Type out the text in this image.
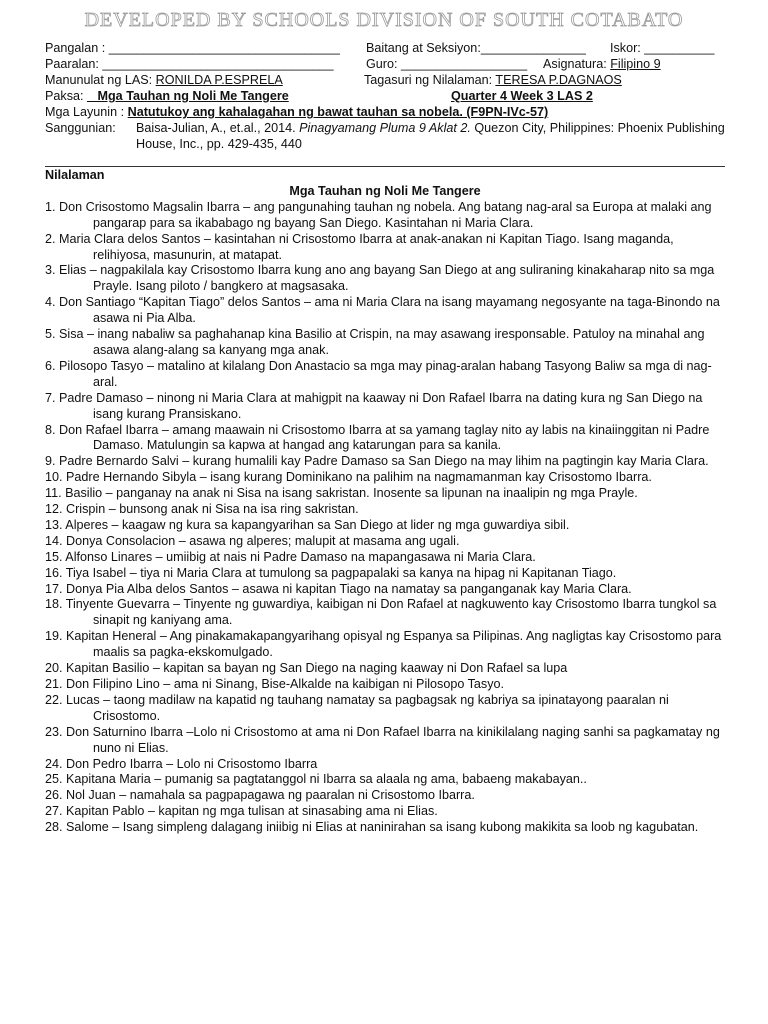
DEVELOPED BY SCHOOLS DIVISION OF SOUTH COTABATO
Pangalan : _________________________________ Baitang at Seksiyon:_______________ Iskor: __________
Paaralan: _________________________________	Guro: __________________ Asignatura: Filipino 9
Manunulat ng LAS: RONILDA P.ESPRELA	Tagasuri ng Nilalaman: TERESA P.DAGNAOS
Paksa: _ Mga Tauhan ng Noli Me Tangere	Quarter 4 Week 3 LAS 2
Mga Layunin : Natutukoy ang kahalagahan ng bawat tauhan sa nobela. (F9PN-IVc-57)
Sanggunian: Baisa-Julian, A., et.al., 2014. Pinagyamang Pluma 9 Aklat 2. Quezon City, Philippines: Phoenix Publishing House, Inc., pp. 429-435, 440
Nilalaman
Mga Tauhan ng Noli Me Tangere
1. Don Crisostomo Magsalin Ibarra – ang pangunahing tauhan ng nobela. Ang batang nag-aral sa Europa at malaki ang pangarap para sa ikababago ng bayang San Diego. Kasintahan ni Maria Clara.
2. Maria Clara delos Santos – kasintahan ni Crisostomo Ibarra at anak-anakan ni Kapitan Tiago. Isang maganda, relihiyosa, masunurin, at matapat.
3. Elias – nagpakilala kay Crisostomo Ibarra kung ano ang bayang San Diego at ang suliraning kinakaharap nito sa mga Prayle. Isang piloto / bangkero at magsasaka.
4. Don Santiago “Kapitan Tiago” delos Santos – ama ni Maria Clara na isang mayamang negosyante na taga-Binondo na asawa ni Pia Alba.
5. Sisa – inang nabaliw sa paghahanap kina Basilio at Crispin, na may asawang iresponsable. Patuloy na minahal ang asawa alang-alang sa kanyang mga anak.
6. Pilosopo Tasyo – matalino at kilalang Don Anastacio sa mga may pinag-aralan habang Tasyong Baliw sa mga di nag-aral.
7. Padre Damaso – ninong ni Maria Clara at mahigpit na kaaway ni Don Rafael Ibarra na dating kura ng San Diego na isang kurang Pransiskano.
8. Don Rafael Ibarra – amang maawain ni Crisostomo Ibarra at sa yamang taglay nito ay labis na kinaiinggitan ni Padre Damaso. Matulungin sa kapwa at hangad ang katarungan para sa kanila.
9. Padre Bernardo Salvi – kurang humalili kay Padre Damaso sa San Diego na may lihim na pagtingin kay Maria Clara.
10. Padre Hernando Sibyla – isang kurang Dominikano na palihim na nagmamanman kay Crisostomo Ibarra.
11. Basilio – panganay na anak ni Sisa na isang sakristan. Inosente sa lipunan na inaalipin ng mga Prayle.
12. Crispin – bunsong anak ni Sisa na isa ring sakristan.
13. Alperes – kaagaw ng kura sa kapangyarihan sa San Diego at lider ng mga guwardiya sibil.
14. Donya Consolacion – asawa ng alperes; malupit at masama ang ugali.
15. Alfonso Linares – umiibig at nais ni Padre Damaso na mapangasawa ni Maria Clara.
16. Tiya Isabel – tiya ni Maria Clara at tumulong sa pagpapalaki sa kanya na hipag ni Kapitanan Tiago.
17. Donya Pia Alba delos Santos – asawa ni kapitan Tiago na namatay sa panganganak kay Maria Clara.
18. Tinyente Guevarra – Tinyente ng guwardiya, kaibigan ni Don Rafael at nagkuwento kay Crisostomo Ibarra tungkol sa sinapit ng kaniyang ama.
19. Kapitan Heneral – Ang pinakamakapangyarihang opisyal ng Espanya sa Pilipinas. Ang nagligtas kay Crisostomo para maalis sa pagka-ekskomulgado.
20. Kapitan Basilio – kapitan sa bayan ng San Diego na naging kaaway ni Don Rafael sa lupa
21. Don Filipino Lino – ama ni Sinang, Bise-Alkalde na kaibigan ni Pilosopo Tasyo.
22. Lucas – taong madilaw na kapatid ng tauhang namatay sa pagbagsak ng kabriya sa ipinatayong paaralan ni Crisostomo.
23. Don Saturnino Ibarra –Lolo ni Crisostomo at ama ni Don Rafael Ibarra na kinikilalang naging sanhi sa pagkamatay ng nuno ni Elias.
24. Don Pedro Ibarra – Lolo ni Crisostomo Ibarra
25. Kapitana Maria – pumanig sa pagtatanggol ni Ibarra sa alaala ng ama, babaeng makabayan..
26. Nol Juan – namahala sa pagpapagawa ng paaralan ni Crisostomo Ibarra.
27. Kapitan Pablo – kapitan ng mga tulisan at sinasabing ama ni Elias.
28. Salome – Isang simpleng dalagang iniibig ni Elias at naninirahan sa isang kubong makikita sa loob ng kagubatan.
